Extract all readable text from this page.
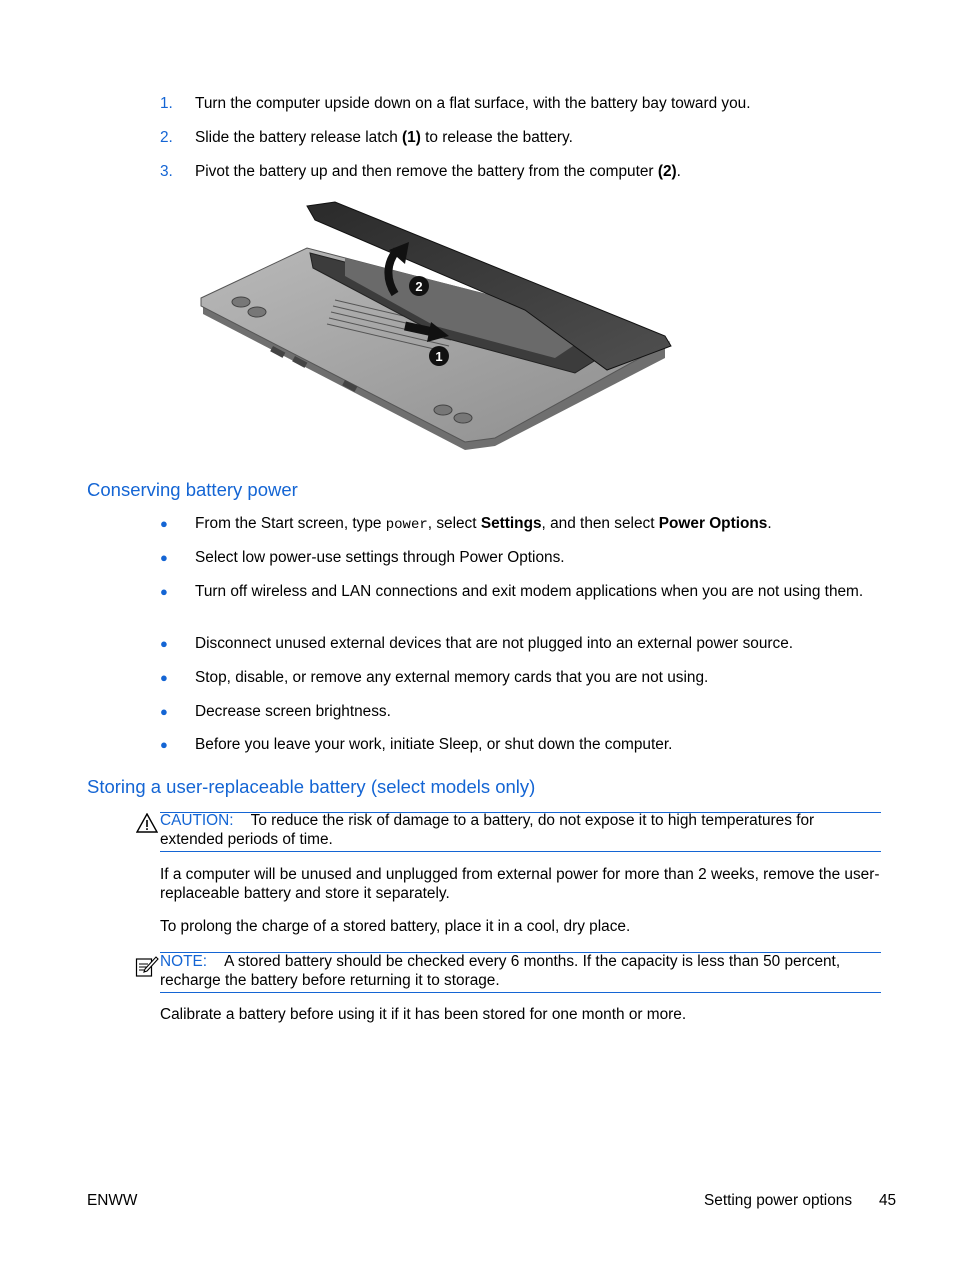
1. Turn the computer upside down on a flat surface, with the battery bay toward you.
2. Slide the battery release latch (1) to release the battery.
3. Pivot the battery up and then remove the battery from the computer (2).
2
1
Conserving battery power
● From the Start screen, type power, select Settings, and then select Power Options.
● Select low power-use settings through Power Options.
● Turn off wireless and LAN connections and exit modem applications when you are not using them.
● Disconnect unused external devices that are not plugged into an external power source.
● Stop, disable, or remove any external memory cards that you are not using.
● Decrease screen brightness.
● Before you leave your work, initiate Sleep, or shut down the computer.
Storing a user-replaceable battery (select models only)
CAUTION: To reduce the risk of damage to a battery, do not expose it to high temperatures for extended periods of time.
If a computer will be unused and unplugged from external power for more than 2 weeks, remove the user-replaceable battery and store it separately.
To prolong the charge of a stored battery, place it in a cool, dry place.
NOTE: A stored battery should be checked every 6 months. If the capacity is less than 50 percent, recharge the battery before returning it to storage.
Calibrate a battery before using it if it has been stored for one month or more.
ENWW	Setting power options 45
